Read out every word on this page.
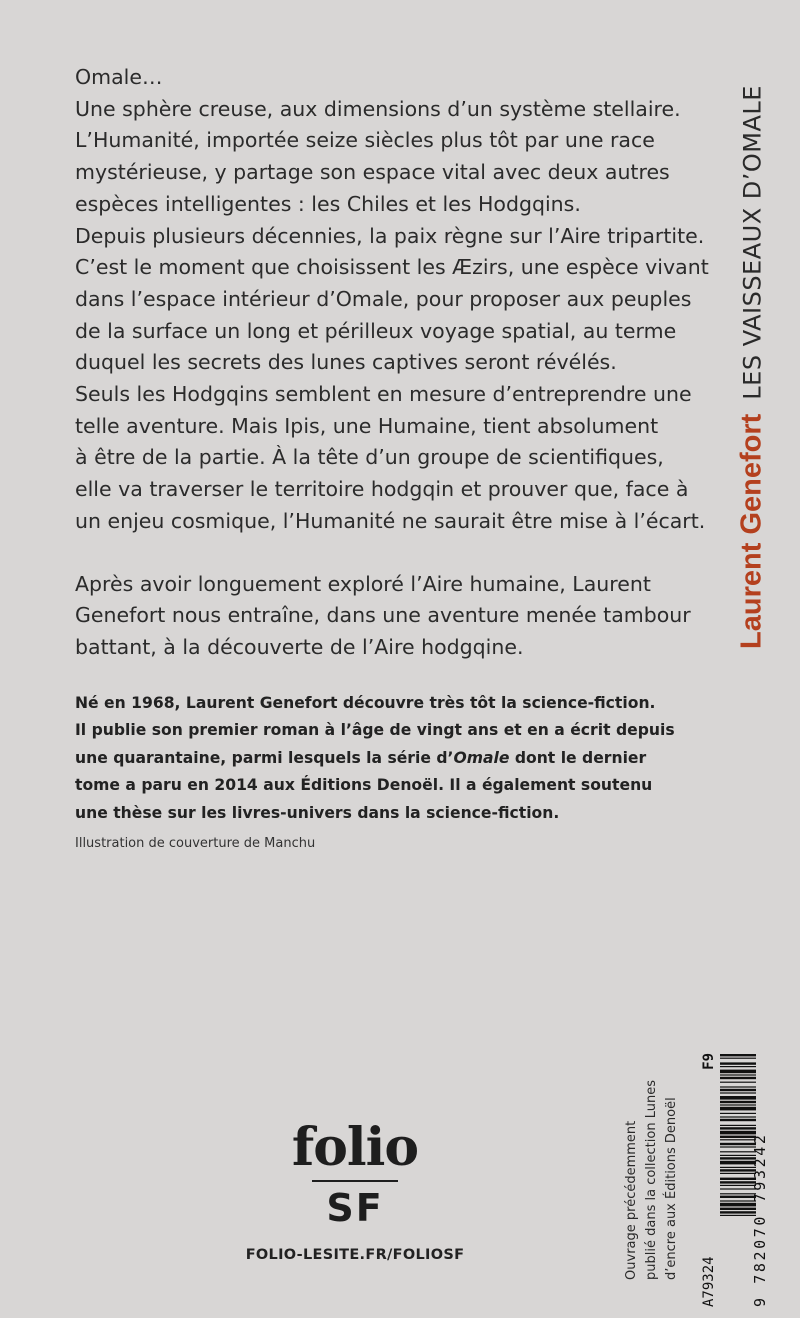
Omale…

Une sphère creuse, aux dimensions d’un système stellaire.

L’Humanité, importée seize siècles plus tôt par une race

mystérieuse, y partage son espace vital avec deux autres

espèces intelligentes : les Chiles et les Hodgqins.

Depuis plusieurs décennies, la paix règne sur l’Aire tripartite.

C’est le moment que choisissent les Æzirs, une espèce vivant

dans l’espace intérieur d’Omale, pour proposer aux peuples

de la surface un long et périlleux voyage spatial, au terme

duquel les secrets des lunes captives seront révélés.

Seuls les Hodgqins semblent en mesure d’entreprendre une

telle aventure. Mais Ipis, une Humaine, tient absolument

à être de la partie. À la tête d’un groupe de scientifiques,

elle va traverser le territoire hodgqin et prouver que, face à

un enjeu cosmique, l’Humanité ne saurait être mise à l’écart.

Après avoir longuement exploré l’Aire humaine, Laurent

Genefort nous entraîne, dans une aventure menée tambour

battant, à la découverte de l’Aire hodgqine.

Né en 1968, Laurent Genefort découvre très tôt la science-fiction.

Il publie son premier roman à l’âge de vingt ans et en a écrit depuis

une quarantaine, parmi lesquels la série d’Omale dont le dernier

tome a paru en 2014 aux Éditions Denoël. Il a également soutenu

une thèse sur les livres-univers dans la science-fiction.

Illustration de couverture de Manchu
Laurent Genefort
LES VAISSEAUX D’OMALE
folio
SF
FOLIO-LESITE.FR/FOLIOSF	Ouvrage précédemment publié dans la collection Lunes d’encre aux Éditions Denoël
A79324
F9
9 782070 793242
